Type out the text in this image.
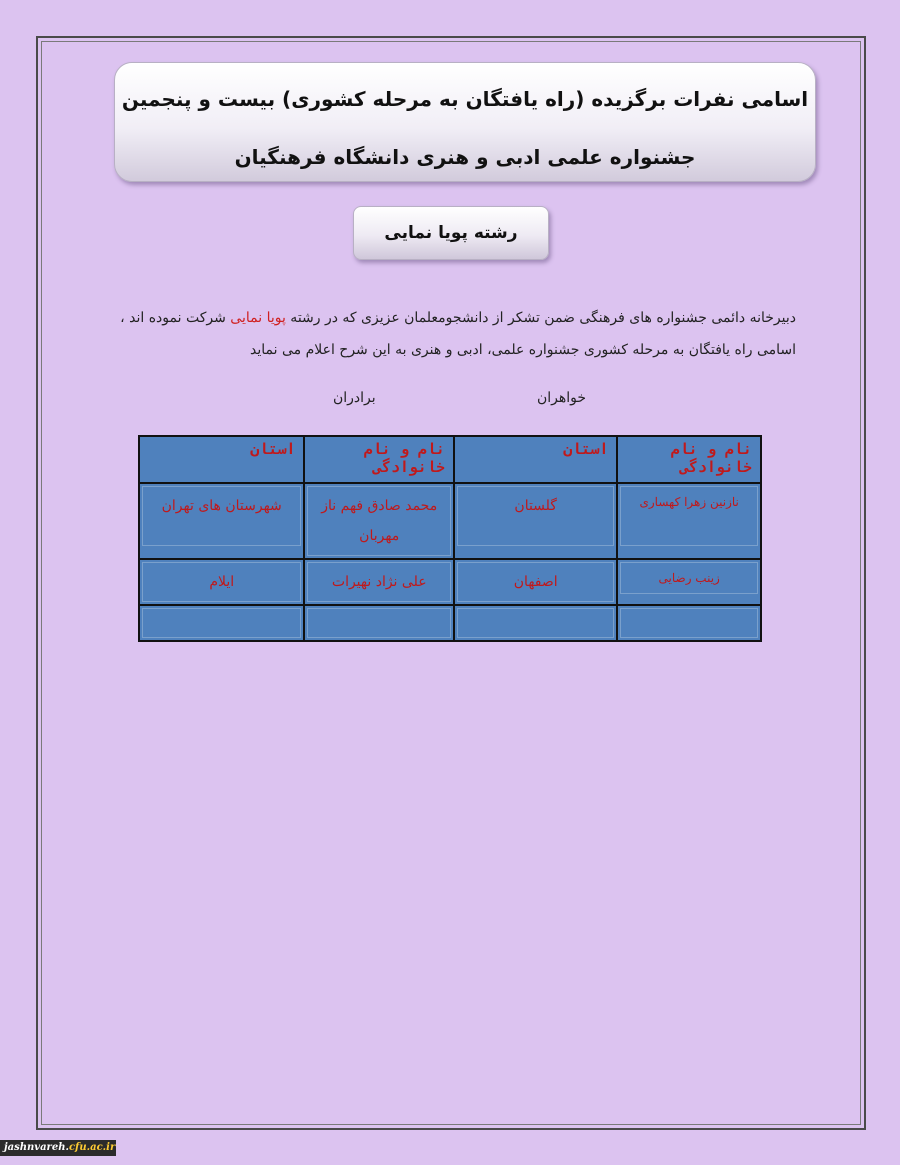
اسامی نفرات برگزیده (راه یافتگان به مرحله کشوری) بیست و پنجمین
جشنواره علمی ادبی و هنری دانشگاه فرهنگیان
رشته پویا نمایی
دبیرخانه دائمی جشنواره های فرهنگی ضمن تشکر از دانشجومعلمان عزیزی که در رشته پویا نمایی شرکت نموده اند ،
اسامی راه یافتگان به مرحله کشوری جشنواره علمی، ادبی و هنری به این شرح اعلام می نماید
خواهران
برادران
نام و نام خانوادگی	استان	نام و نام خانوادگی	استان

نازنین زهرا کهساری	گلستان	محمد صادق فهم ناز مهربان	شهرستان های تهران

زینب رضایی	اصفهان	علی نژاد نهیرات	ایلام

jashnvareh.cfu.ac.ir
